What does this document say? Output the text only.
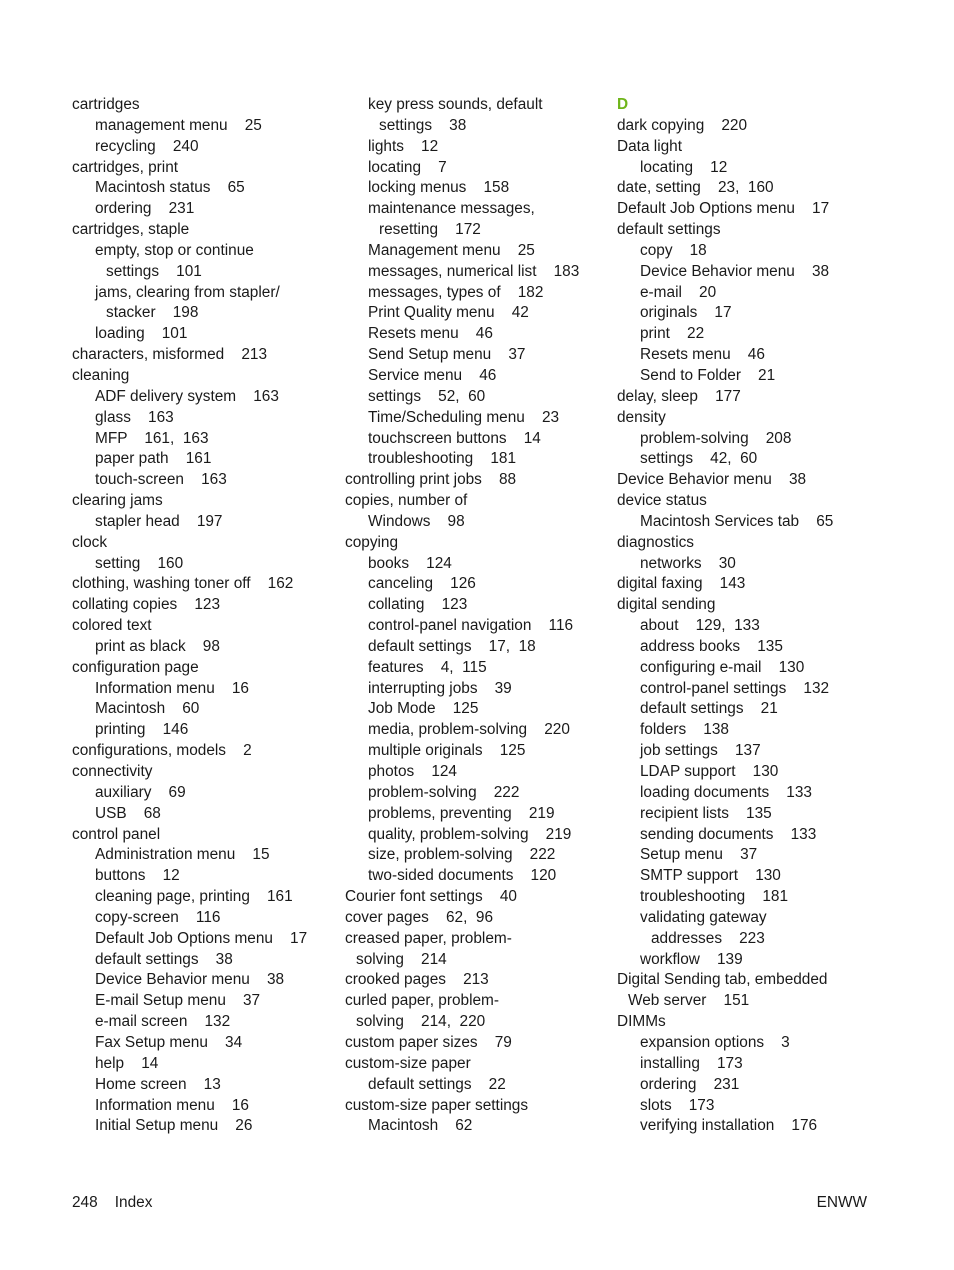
cartridges
management menu    25
recycling    240
cartridges, print
Macintosh status    65
ordering    231
cartridges, staple
empty, stop or continue
settings    101
jams, clearing from stapler/
stacker    198
loading    101
characters, misformed    213
cleaning
ADF delivery system    163
glass    163
MFP    161,  163
paper path    161
touch-screen    163
clearing jams
stapler head    197
clock
setting    160
clothing, washing toner off    162
collating copies    123
colored text
print as black    98
configuration page
Information menu    16
Macintosh    60
printing    146
configurations, models    2
connectivity
auxiliary    69
USB    68
control panel
Administration menu    15
buttons    12
cleaning page, printing    161
copy-screen    116
Default Job Options menu    17
default settings    38
Device Behavior menu    38
E-mail Setup menu    37
e-mail screen    132
Fax Setup menu    34
help    14
Home screen    13
Information menu    16
Initial Setup menu    26
key press sounds, default
settings    38
lights    12
locating    7
locking menus    158
maintenance messages,
resetting    172
Management menu    25
messages, numerical list    183
messages, types of    182
Print Quality menu    42
Resets menu    46
Send Setup menu    37
Service menu    46
settings    52,  60
Time/Scheduling menu    23
touchscreen buttons    14
troubleshooting    181
controlling print jobs    88
copies, number of
Windows    98
copying
books    124
canceling    126
collating    123
control-panel navigation    116
default settings    17,  18
features    4,  115
interrupting jobs    39
Job Mode    125
media, problem-solving    220
multiple originals    125
photos    124
problem-solving    222
problems, preventing    219
quality, problem-solving    219
size, problem-solving    222
two-sided documents    120
Courier font settings    40
cover pages    62,  96
creased paper, problem-
solving    214
crooked pages    213
curled paper, problem-
solving    214,  220
custom paper sizes    79
custom-size paper
default settings    22
custom-size paper settings
Macintosh    62
D
dark copying    220
Data light
locating    12
date, setting    23,  160
Default Job Options menu    17
default settings
copy    18
Device Behavior menu    38
e-mail    20
originals    17
print    22
Resets menu    46
Send to Folder    21
delay, sleep    177
density
problem-solving    208
settings    42,  60
Device Behavior menu    38
device status
Macintosh Services tab    65
diagnostics
networks    30
digital faxing    143
digital sending
about    129,  133
address books    135
configuring e-mail    130
control-panel settings    132
default settings    21
folders    138
job settings    137
LDAP support    130
loading documents    133
recipient lists    135
sending documents    133
Setup menu    37
SMTP support    130
troubleshooting    181
validating gateway
addresses    223
workflow    139
Digital Sending tab, embedded
Web server    151
DIMMs
expansion options    3
installing    173
ordering    231
slots    173
verifying installation    176
248    Index	ENWW
